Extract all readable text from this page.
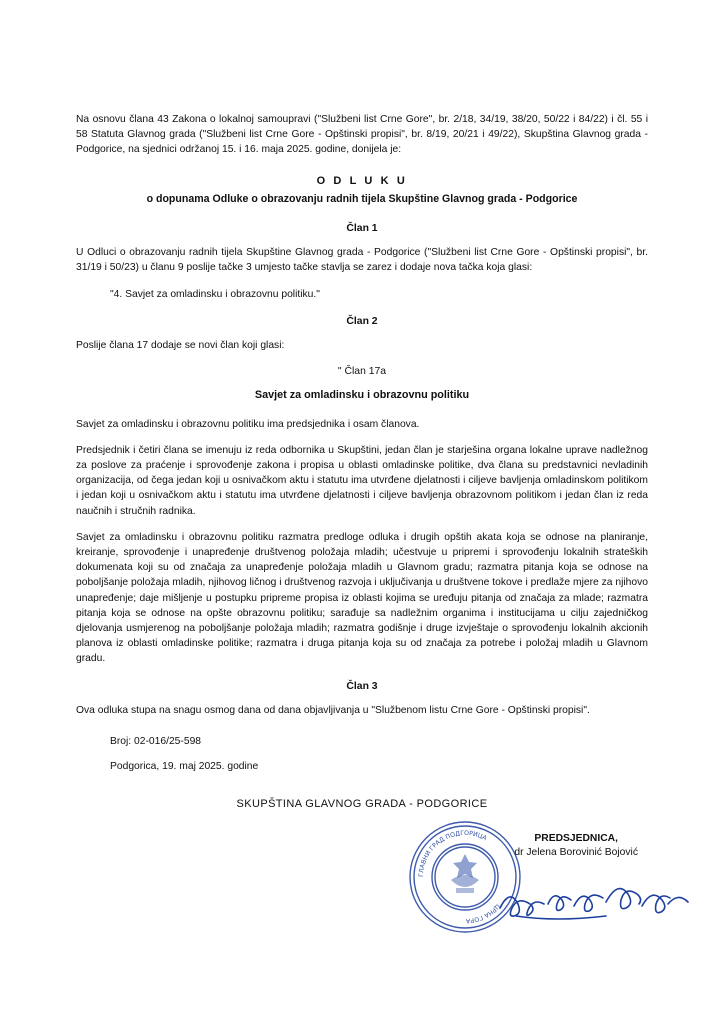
Na osnovu člana 43 Zakona o lokalnoj samoupravi ("Službeni list Crne Gore", br. 2/18, 34/19, 38/20, 50/22 i 84/22) i čl. 55 i 58 Statuta Glavnog grada ("Službeni list Crne Gore - Opštinski propisi", br. 8/19, 20/21 i 49/22), Skupština Glavnog grada - Podgorice, na sjednici održanoj 15. i 16. maja 2025. godine, donijela je:

O D L U K U
o dopunama Odluke o obrazovanju radnih tijela Skupštine Glavnog grada - Podgorice
Član 1

U Odluci o obrazovanju radnih tijela Skupštine Glavnog grada - Podgorice ("Službeni list Crne Gore - Opštinski propisi", br. 31/19 i 50/23) u članu 9 poslije tačke 3 umjesto tačke stavlja se zarez i dodaje nova tačka koja glasi:

"4. Savjet za omladinsku i obrazovnu politiku."

Član 2

Poslije člana 17 dodaje se novi član koji glasi:

" Član 17a
Savjet za omladinsku i obrazovnu politiku

Savjet za omladinsku i obrazovnu politiku ima predsjednika i osam članova.

Predsjednik i četiri člana se imenuju iz reda odbornika u Skupštini, jedan član je starješina organa lokalne uprave nadležnog za poslove za praćenje i sprovođenje zakona i propisa u oblasti omladinske politike, dva člana su predstavnici nevladinih organizacija, od čega jedan koji u osnivačkom aktu i statutu ima utvrđene djelatnosti i ciljeve bavljenja omladinskom politikom i jedan koji u osnivačkom aktu i statutu ima utvrđene djelatnosti i ciljeve bavljenja obrazovnom politikom i jedan član iz reda naučnih i stručnih radnika.

Savjet za omladinsku i obrazovnu politiku razmatra predloge odluka i drugih opštih akata koja se odnose na planiranje, kreiranje, sprovođenje i unapređenje društvenog položaja mladih; učestvuje u pripremi i sprovođenju lokalnih strateških dokumenata koji su od značaja za unapređenje položaja mladih u Glavnom gradu; razmatra pitanja koja se odnose na poboljšanje položaja mladih, njihovog ličnog i društvenog razvoja i uključivanja u društvene tokove i predlaže mjere za njihovo unapređenje; daje mišljenje u postupku pripreme propisa iz oblasti kojima se uređuju pitanja od značaja za mlade; razmatra pitanja koja se odnose na opšte obrazovnu politiku; sarađuje sa nadležnim organima i institucijama u cilju zajedničkog djelovanja usmjerenog na poboljšanje položaja mladih; razmatra godišnje i druge izvještaje o sprovođenju lokalnih akcionih planova iz oblasti omladinske politike; razmatra i druga pitanja koja su od značaja za potrebe i položaj mladih u Glavnom gradu.

Član 3

Ova odluka stupa na snagu osmog dana od dana objavljivanja u "Službenom listu Crne Gore - Opštinski propisi".

Broj: 02-016/25-598

Podgorica, 19. maj 2025. godine

SKUPŠTINA GLAVNOG GRADA - PODGORICE
ГЛАВНИ ГРАД ПОДГОРИЦА
ЦРНА ГОРА
PREDSJEDNICA,
dr Jelena Borovinić Bojović
